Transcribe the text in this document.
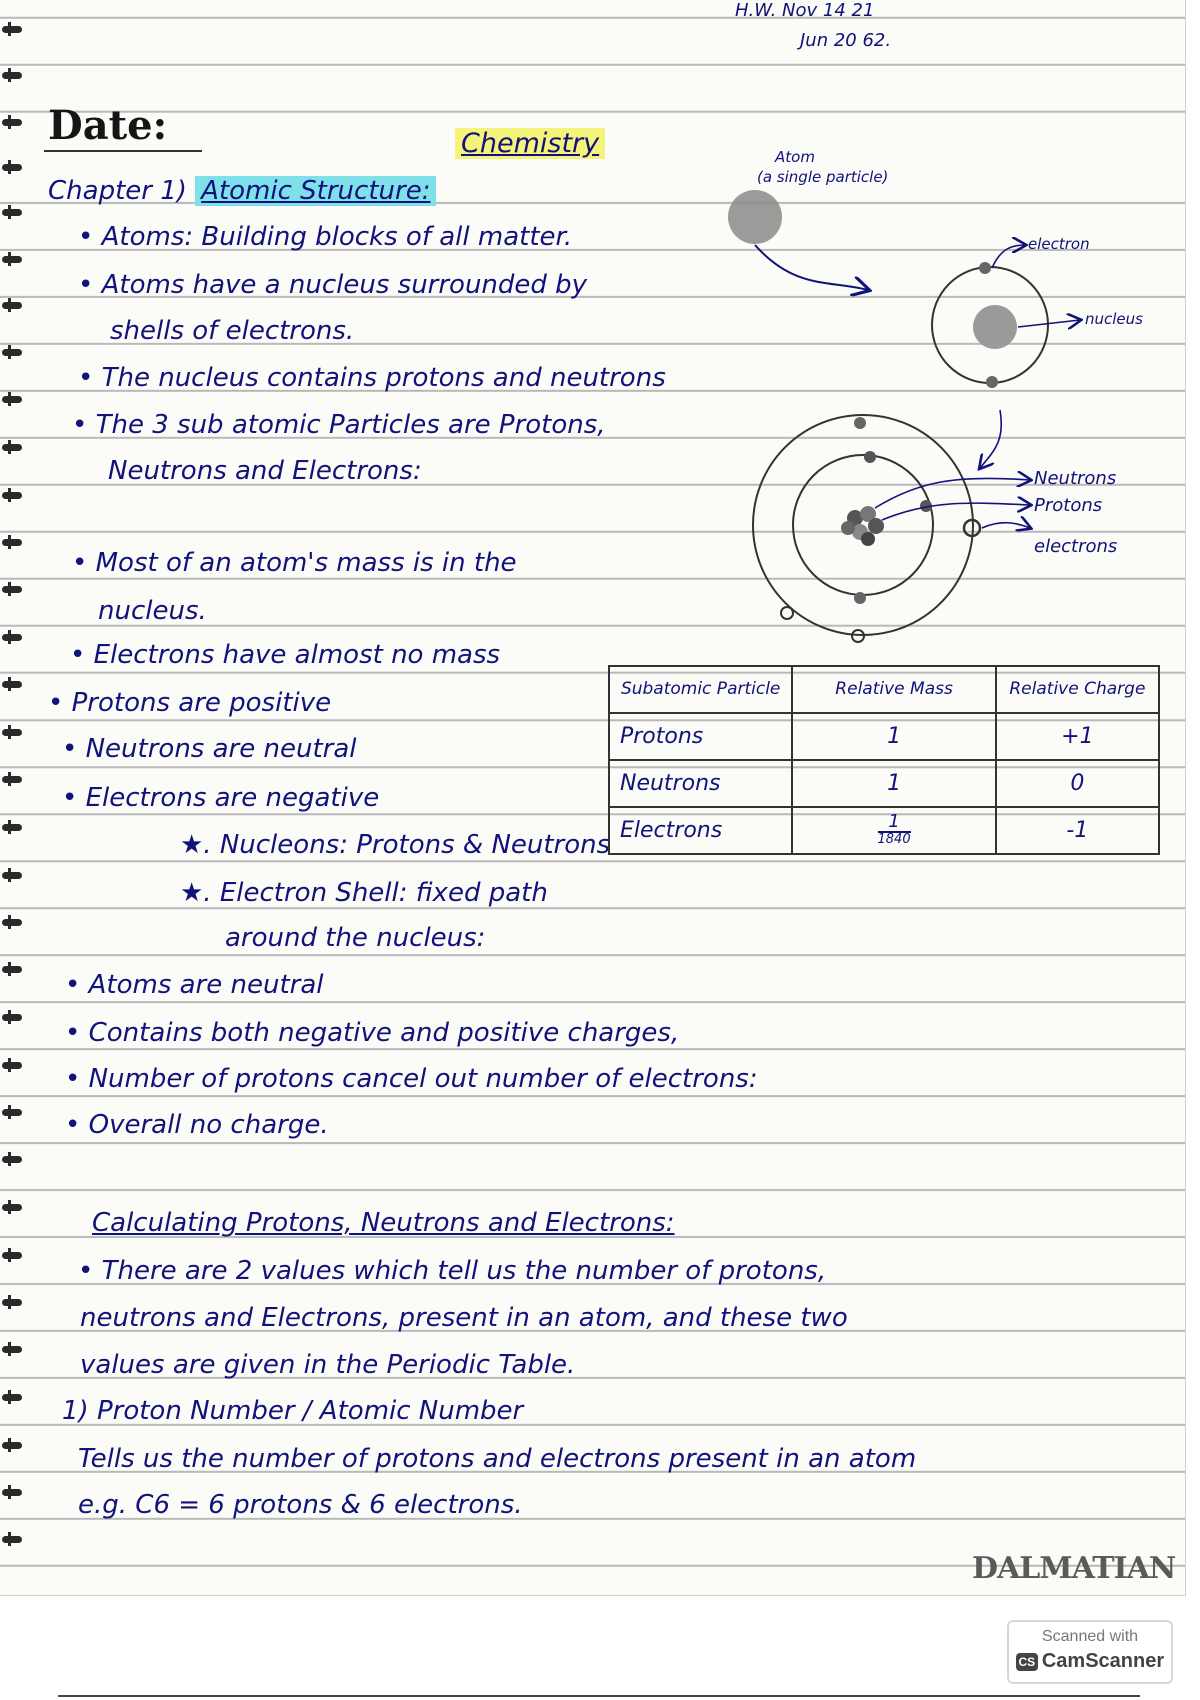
H.W. Nov 14 21
Jun 20 62.
Date:	Chemistry
Chapter 1) Atomic Structure:
• Atoms: Building blocks of all matter.
• Atoms have a nucleus surrounded by
shells of electrons.
• The nucleus contains protons and neutrons
• The 3 sub atomic Particles are Protons,
Neutrons and Electrons:
• Most of an atom's mass is in the
nucleus.
• Electrons have almost no mass
• Protons are positive
• Neutrons are neutral
• Electrons are negative
★. Nucleons: Protons & Neutrons
★. Electron Shell: fixed path
around the nucleus:
• Atoms are neutral
• Contains both negative and positive charges,
• Number of protons cancel out number of electrons:
• Overall no charge.
Atom
(a single particle)
electron
nucleus
Neutrons
Protons
electrons
Subatomic Particle	Relative Mass	Relative Charge
Protons	1	+1
Neutrons	1	0
Electrons	$\frac{1}{1840}$	-1
Calculating Protons, Neutrons and Electrons:
• There are 2 values which tell us the number of protons,
neutrons and Electrons, present in an atom, and these two
values are given in the Periodic Table.
1) Proton Number / Atomic Number
Tells us the number of protons and electrons present in an atom
e.g. C6 = 6 protons & 6 electrons.
DALMATIAN
Scanned with
CS CamScanner
